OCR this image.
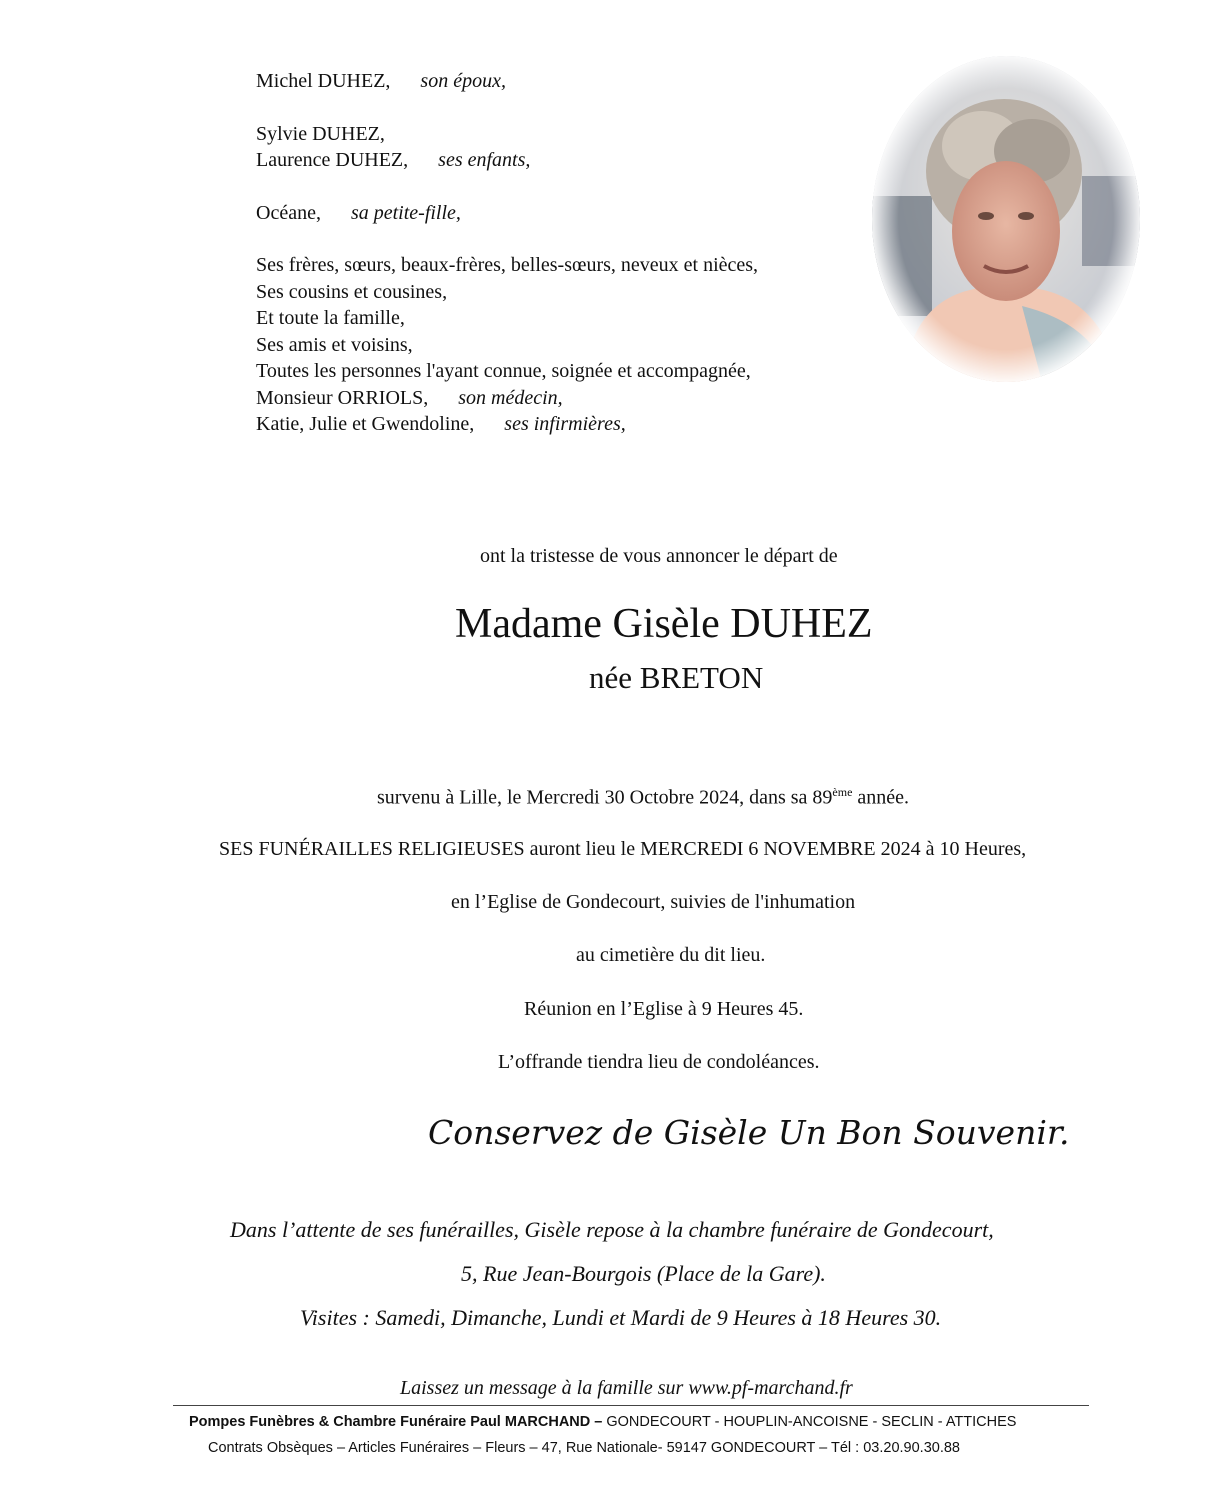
Michel DUHEZ, son époux,
Sylvie DUHEZ,
Laurence DUHEZ, ses enfants,
Océane, sa petite-fille,
Ses frères, sœurs, beaux-frères, belles-sœurs, neveux et nièces,
Ses cousins et cousines,
Et toute la famille,
Ses amis et voisins,
Toutes les personnes l'ayant connue, soignée et accompagnée,
Monsieur ORRIOLS, son médecin,
Katie, Julie et Gwendoline, ses infirmières,
ont la tristesse de vous annoncer le départ de
Madame Gisèle DUHEZ
née BRETON
survenu à Lille, le Mercredi 30 Octobre 2024, dans sa 89ème année.
SES FUNÉRAILLES RELIGIEUSES auront lieu le MERCREDI 6 NOVEMBRE 2024 à 10 Heures,
en l’Eglise de Gondecourt, suivies de l'inhumation
au cimetière du dit lieu.
Réunion en l’Eglise à 9 Heures 45.
L’offrande tiendra lieu de condoléances.
Conservez de Gisèle Un Bon Souvenir.
Dans l’attente de ses funérailles, Gisèle repose à la chambre funéraire de Gondecourt,
5, Rue Jean-Bourgois (Place de la Gare).
Visites : Samedi, Dimanche, Lundi et Mardi de 9 Heures à 18 Heures 30.
Laissez un message à la famille sur www.pf-marchand.fr
Pompes Funèbres & Chambre Funéraire Paul MARCHAND – GONDECOURT - HOUPLIN-ANCOISNE - SECLIN - ATTICHES
Contrats Obsèques – Articles Funéraires – Fleurs – 47, Rue Nationale- 59147 GONDECOURT – Tél : 03.20.90.30.88
